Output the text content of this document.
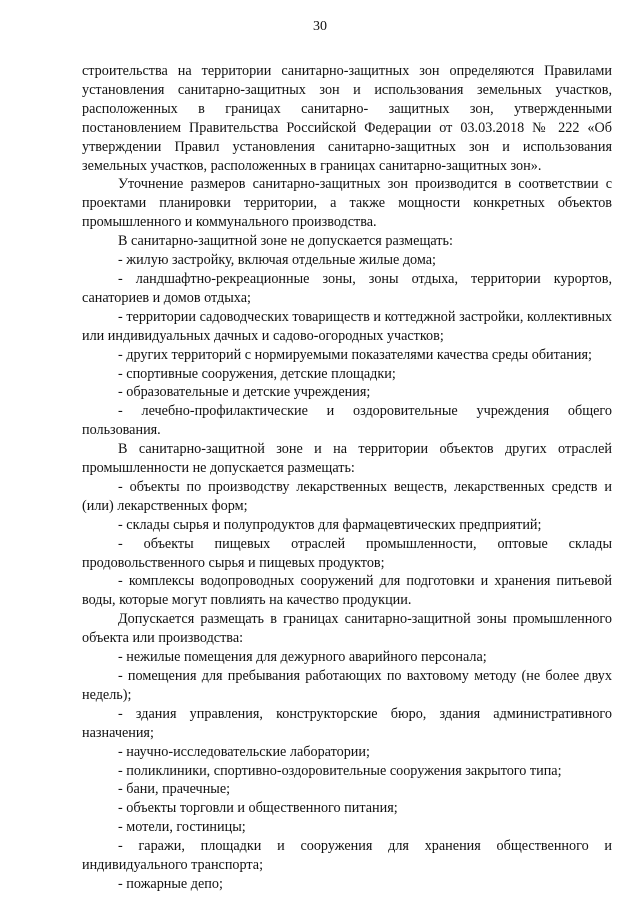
30

строительства на территории санитарно-защитных зон определяются Правилами установления санитарно-защитных зон и использования земельных участков, расположенных в границах санитарно- защитных зон, утвержденными постановлением Правительства Российской Федерации от 03.03.2018 № 222 «Об утверждении Правил установления санитарно-защитных зон и использования земельных участков, расположенных в границах санитарно-защитных зон».

Уточнение размеров санитарно-защитных зон производится в соответствии с проектами планировки территории, а также мощности конкретных объектов промышленного и коммунального производства.

В санитарно-защитной зоне не допускается размещать:

- жилую застройку, включая отдельные жилые дома;

- ландшафтно-рекреационные зоны, зоны отдыха, территории курортов, санаториев и домов отдыха;

- территории садоводческих товариществ и коттеджной застройки, коллективных или индивидуальных дачных и садово-огородных участков;

- других территорий с нормируемыми показателями качества среды обитания;

- спортивные сооружения, детские площадки;

- образовательные и детские учреждения;

- лечебно-профилактические и оздоровительные учреждения общего пользования.

В санитарно-защитной зоне и на территории объектов других отраслей промышленности не допускается размещать:

- объекты по производству лекарственных веществ, лекарственных средств и (или) лекарственных форм;

- склады сырья и полупродуктов для фармацевтических предприятий;

- объекты пищевых отраслей промышленности, оптовые склады продовольственного сырья и пищевых продуктов;

- комплексы водопроводных сооружений для подготовки и хранения питьевой воды, которые могут повлиять на качество продукции.

Допускается размещать в границах санитарно-защитной зоны промышленного объекта или производства:

- нежилые помещения для дежурного аварийного персонала;

- помещения для пребывания работающих по вахтовому методу (не более двух недель);

- здания управления, конструкторские бюро, здания административного назначения;

- научно-исследовательские лаборатории;

- поликлиники, спортивно-оздоровительные сооружения закрытого типа;

- бани, прачечные;

- объекты торговли и общественного питания;

- мотели, гостиницы;

- гаражи, площадки и сооружения для хранения общественного и индивидуального транспорта;

- пожарные депо;
